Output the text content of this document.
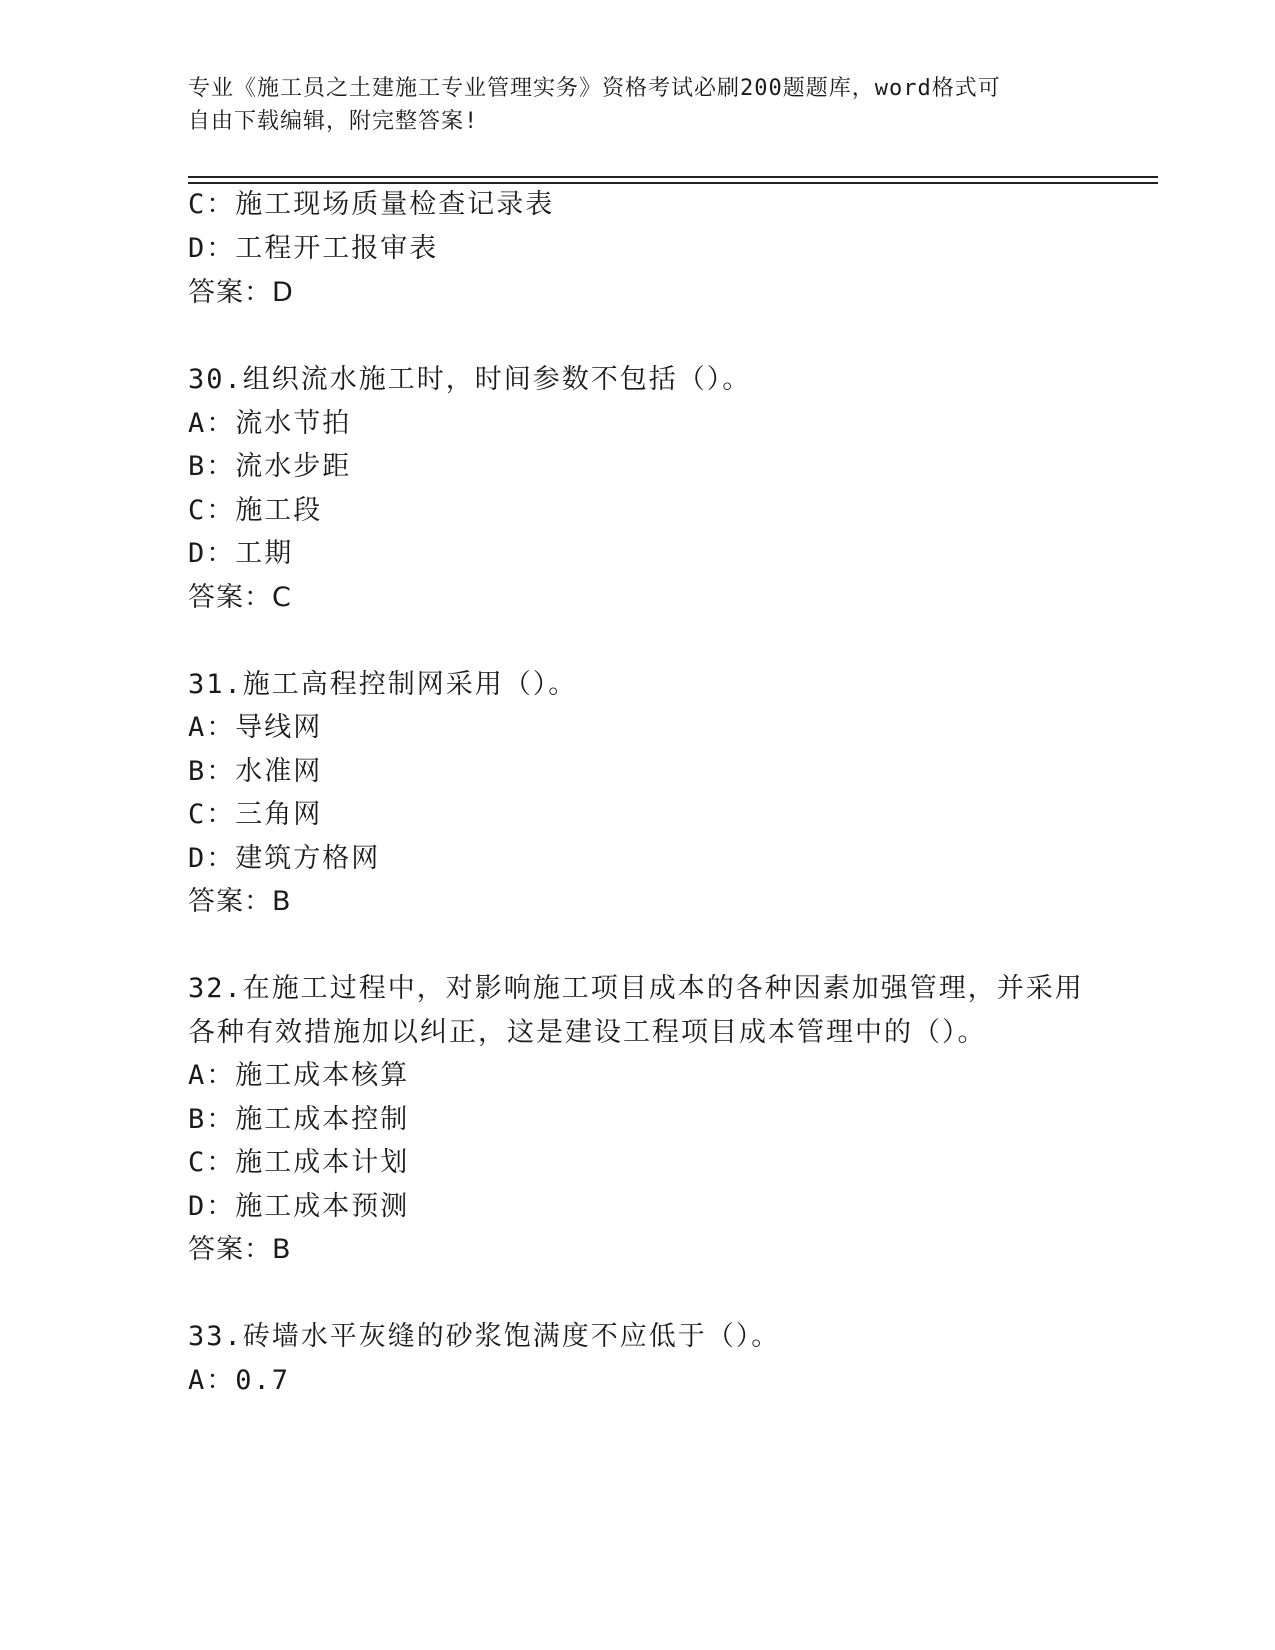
专业《施工员之土建施工专业管理实务》资格考试必刷200题题库，word格式可
自由下载编辑，附完整答案!
C：施工现场质量检查记录表
D：工程开工报审表
答案：D
30.组织流水施工时，时间参数不包括（）。
A：流水节拍
B：流水步距
C：施工段
D：工期
答案：C
31.施工高程控制网采用（）。
A：导线网
B：水准网
C：三角网
D：建筑方格网
答案：B
32.在施工过程中，对影响施工项目成本的各种因素加强管理，并采用
各种有效措施加以纠正，这是建设工程项目成本管理中的（）。
A：施工成本核算
B：施工成本控制
C：施工成本计划
D：施工成本预测
答案：B
33.砖墙水平灰缝的砂浆饱满度不应低于（）。
A：0.7
